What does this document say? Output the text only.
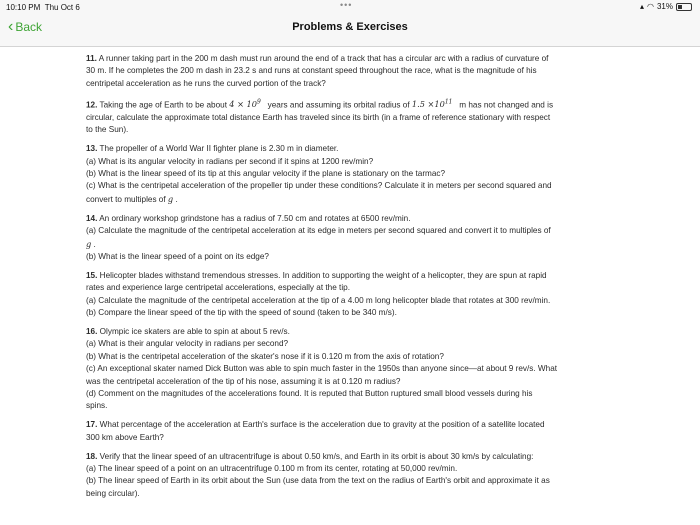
10:10 PM Thu Oct 6	•••	▴ ◠ 31%
‹ Back	Problems & Exercises
11. A runner taking part in the 200 m dash must run around the end of a track that has a circular arc with a radius of curvature of
30 m. If he completes the 200 m dash in 23.2 s and runs at constant speed throughout the race, what is the magnitude of his
centripetal acceleration as he runs the curved portion of the track?
12. Taking the age of Earth to be about $4 \times 10^9$ years and assuming its orbital radius of $1.5 \times 10^{11}$ m has not changed and is
circular, calculate the approximate total distance Earth has traveled since its birth (in a frame of reference stationary with respect
to the Sun).
13. The propeller of a World War II fighter plane is 2.30 m in diameter.
(a) What is its angular velocity in radians per second if it spins at 1200 rev/min?
(b) What is the linear speed of its tip at this angular velocity if the plane is stationary on the tarmac?
(c) What is the centripetal acceleration of the propeller tip under these conditions? Calculate it in meters per second squared and
convert to multiples of g .
14. An ordinary workshop grindstone has a radius of 7.50 cm and rotates at 6500 rev/min.
(a) Calculate the magnitude of the centripetal acceleration at its edge in meters per second squared and convert it to multiples of
g .
(b) What is the linear speed of a point on its edge?
15. Helicopter blades withstand tremendous stresses. In addition to supporting the weight of a helicopter, they are spun at rapid
rates and experience large centripetal accelerations, especially at the tip.
(a) Calculate the magnitude of the centripetal acceleration at the tip of a 4.00 m long helicopter blade that rotates at 300 rev/min.
(b) Compare the linear speed of the tip with the speed of sound (taken to be 340 m/s).
16. Olympic ice skaters are able to spin at about 5 rev/s.
(a) What is their angular velocity in radians per second?
(b) What is the centripetal acceleration of the skater's nose if it is 0.120 m from the axis of rotation?
(c) An exceptional skater named Dick Button was able to spin much faster in the 1950s than anyone since—at about 9 rev/s. What
was the centripetal acceleration of the tip of his nose, assuming it is at 0.120 m radius?
(d) Comment on the magnitudes of the accelerations found. It is reputed that Button ruptured small blood vessels during his
spins.
17. What percentage of the acceleration at Earth's surface is the acceleration due to gravity at the position of a satellite located
300 km above Earth?
18. Verify that the linear speed of an ultracentrifuge is about 0.50 km/s, and Earth in its orbit is about 30 km/s by calculating:
(a) The linear speed of a point on an ultracentrifuge 0.100 m from its center, rotating at 50,000 rev/min.
(b) The linear speed of Earth in its orbit about the Sun (use data from the text on the radius of Earth's orbit and approximate it as
being circular).
